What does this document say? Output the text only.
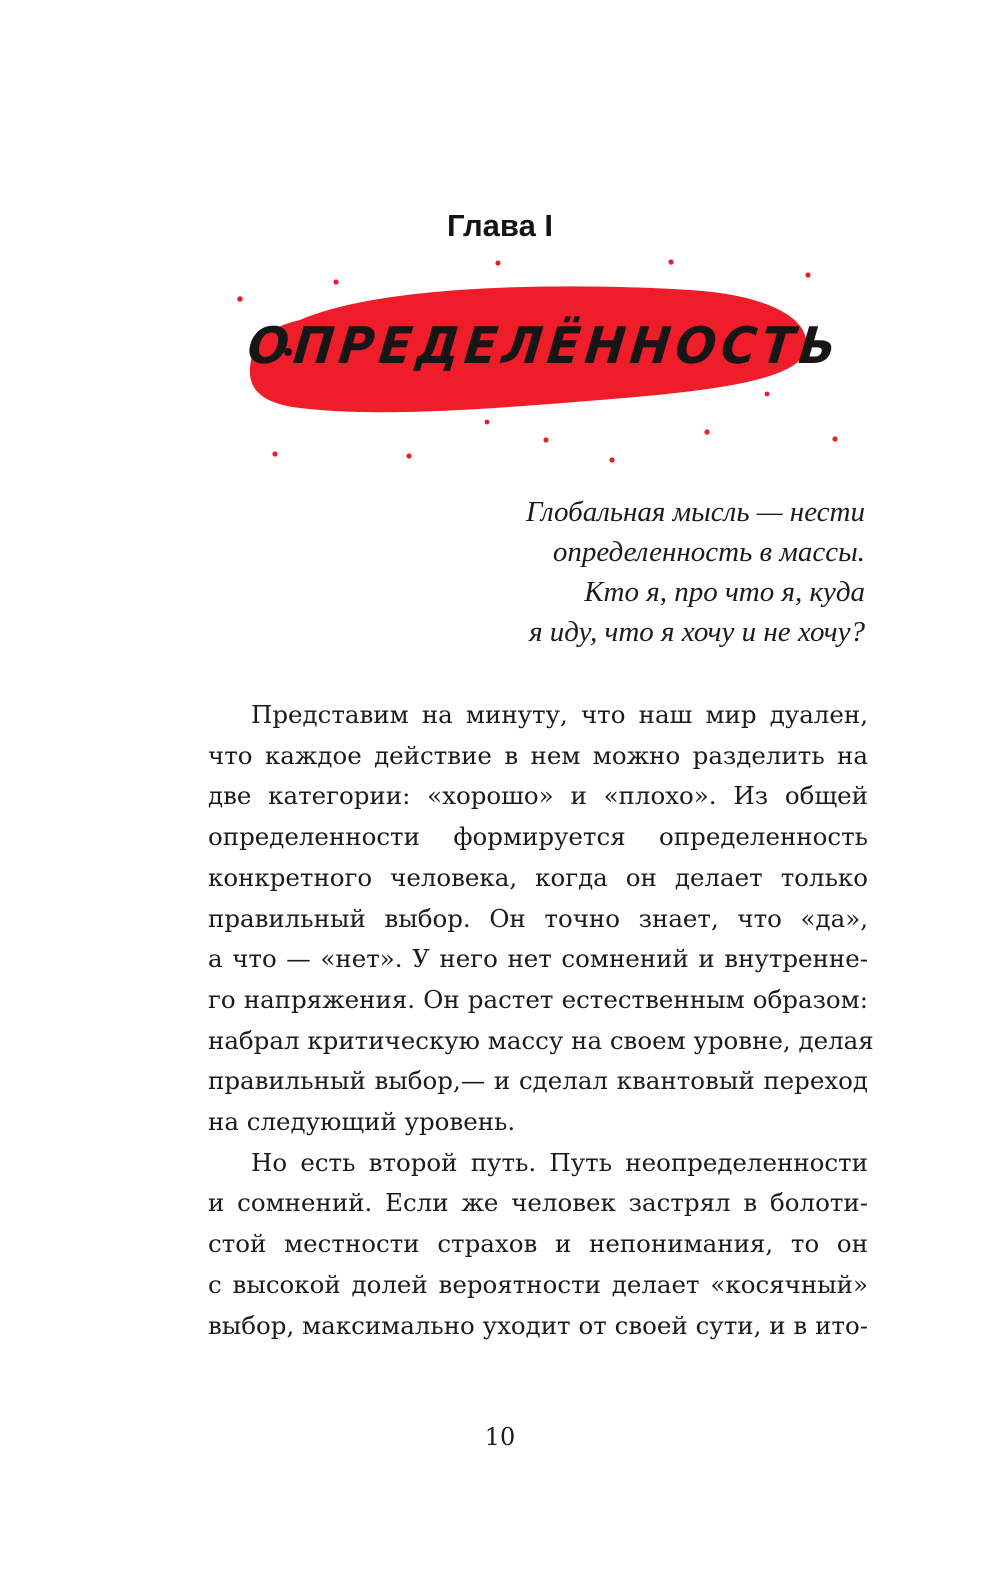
Глава I
ОПРЕДЕЛЁННОСТЬ
Глобальная мысль — нести
определенность в массы.
Кто я, про что я, куда
я иду, что я хочу и не хочу?
Представим на минуту, что наш мир дуален,
что каждое действие в нем можно разделить на
две категории: «хорошо» и «плохо». Из общей
определенности формируется определенность
конкретного человека, когда он делает только
правильный выбор. Он точно знает, что «да»,
а что — «нет». У него нет сомнений и внутренне-
го напряжения. Он растет естественным образом:
набрал критическую массу на своем уровне, делая
правильный выбор,— и сделал квантовый переход
на следующий уровень.
Но есть второй путь. Путь неопределенности
и сомнений. Если же человек застрял в болоти-
стой местности страхов и непонимания, то он
с высокой долей вероятности делает «косячный»
выбор, максимально уходит от своей сути, и в ито-
10
